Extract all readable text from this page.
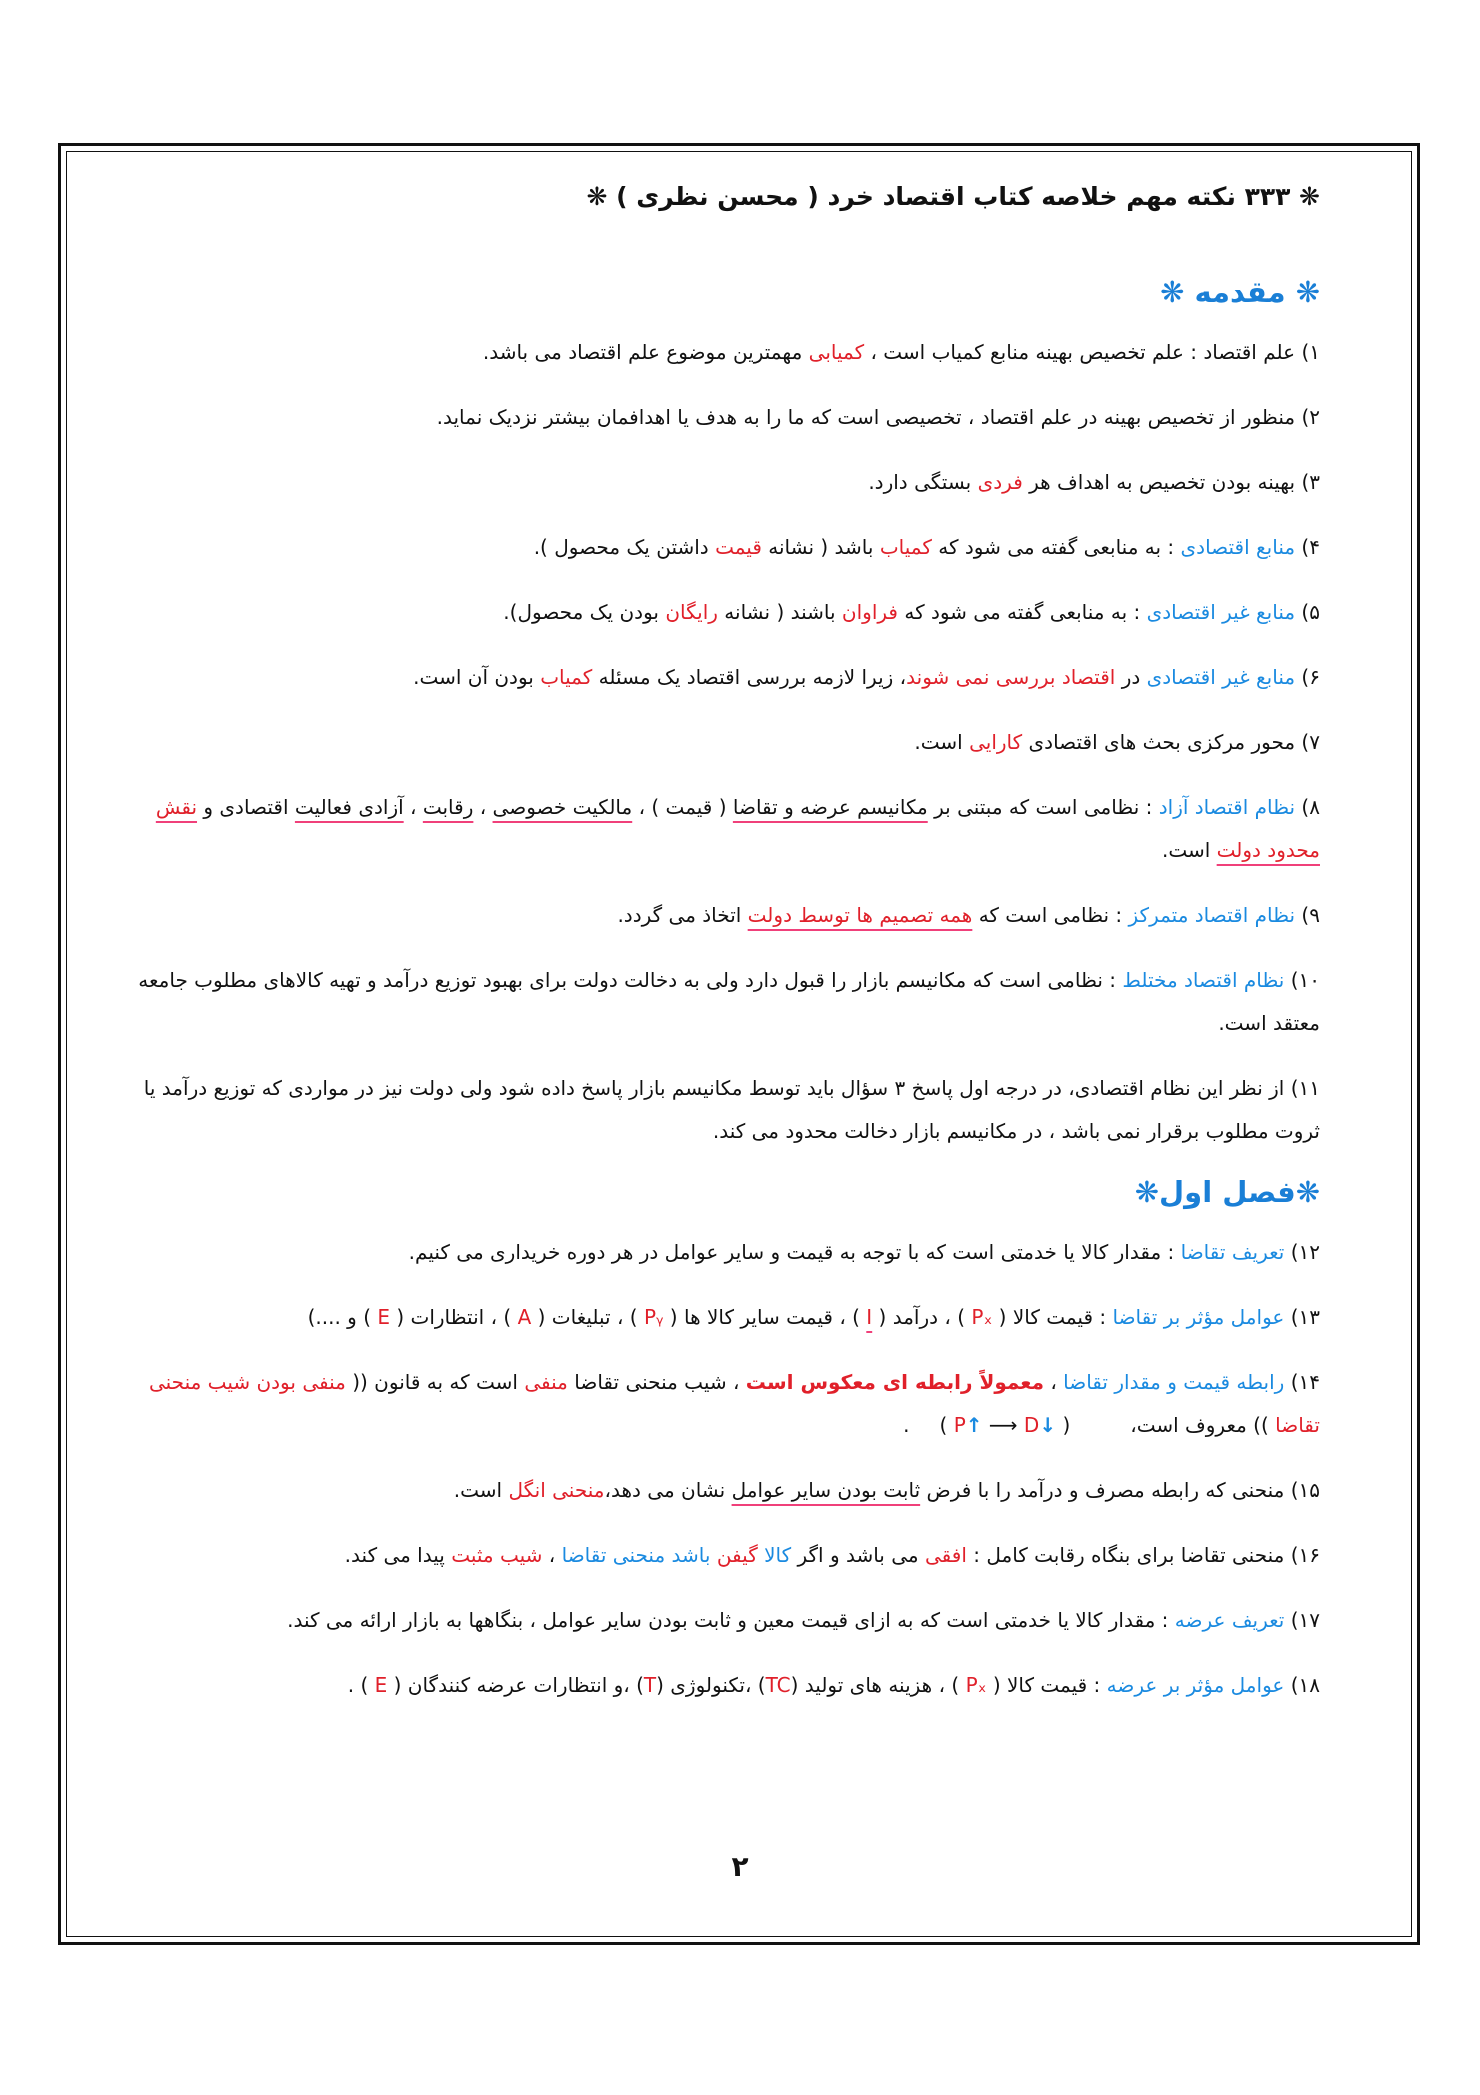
❋ ۳۳۳ نکته مهم خلاصه کتاب اقتصاد خرد ( محسن نظری ) ❋
❋ مقدمه ❋

۱) علم اقتصاد : علم تخصیص بهینه منابع کمیاب است ، کمیابی مهمترین موضوع علم اقتصاد می باشد.

۲) منظور از تخصیص بهینه در علم اقتصاد ، تخصیصی است که ما را به هدف یا اهدافمان بیشتر نزدیک نماید.

۳) بهینه بودن تخصیص به اهداف هر فردی بستگی دارد.

۴) منابع اقتصادی : به منابعی گفته می شود که کمیاب باشد ( نشانه قیمت داشتن یک محصول ).

۵) منابع غیر اقتصادی : به منابعی گفته می شود که فراوان باشند ( نشانه رایگان بودن یک محصول).

۶) منابع غیر اقتصادی در اقتصاد بررسی نمی شوند، زیرا لازمه بررسی اقتصاد یک مسئله کمیاب بودن آن است.

۷) محور مرکزی بحث های اقتصادی کارایی است.

۸) نظام اقتصاد آزاد : نظامی است که مبتنی بر مکانیسم عرضه و تقاضا ( قیمت ) ، مالکیت خصوصی ، رقابت ، آزادی فعالیت اقتصادی و نقش محدود دولت است.

۹) نظام اقتصاد متمرکز : نظامی است که همه تصمیم ها توسط دولت اتخاذ می گردد.

۱۰) نظام اقتصاد مختلط : نظامی است که مکانیسم بازار را قبول دارد ولی به دخالت دولت برای بهبود توزیع درآمد و تهیه کالاهای مطلوب جامعه معتقد است.

۱۱) از نظر این نظام اقتصادی، در درجه اول پاسخ ۳ سؤال باید توسط مکانیسم بازار پاسخ داده شود ولی دولت نیز در مواردی که توزیع درآمد یا ثروت مطلوب برقرار نمی باشد ، در مکانیسم بازار دخالت محدود می کند.

❋فصل اول❋

۱۲) تعریف تقاضا : مقدار کالا یا خدمتی است که با توجه به قیمت و سایر عوامل در هر دوره خریداری می کنیم.

۱۳) عوامل مؤثر بر تقاضا : قیمت کالا ( Pₓ ) ، درآمد ( I ) ، قیمت سایر کالا ها ( Pᵧ ) ، تبلیغات ( A ) ، انتظارات ( E ) و ....)

۱۴) رابطه قیمت و مقدار تقاضا ، معمولاً رابطه ای معکوس است ، شیب منحنی تقاضا منفی است که به قانون (( منفی بودن شیب منحنی تقاضا )) معروف است،( P↑ ⟶ D↓ ).

۱۵) منحنی که رابطه مصرف و درآمد را با فرض ثابت بودن سایر عوامل نشان می دهد،منحنی انگل است.

۱۶) منحنی تقاضا برای بنگاه رقابت کامل : افقی می باشد و اگر کالا گیفن باشد منحنی تقاضا ، شیب مثبت پیدا می کند.

۱۷) تعریف عرضه : مقدار کالا یا خدمتی است که به ازای قیمت معین و ثابت بودن سایر عوامل ، بنگاهها به بازار ارائه می کند.

۱۸) عوامل مؤثر بر عرضه : قیمت کالا ( Pₓ ) ، هزینه های تولید (TC) ،تکنولوژی (T) ،و انتظارات عرضه کنندگان ( E ) .

۲
